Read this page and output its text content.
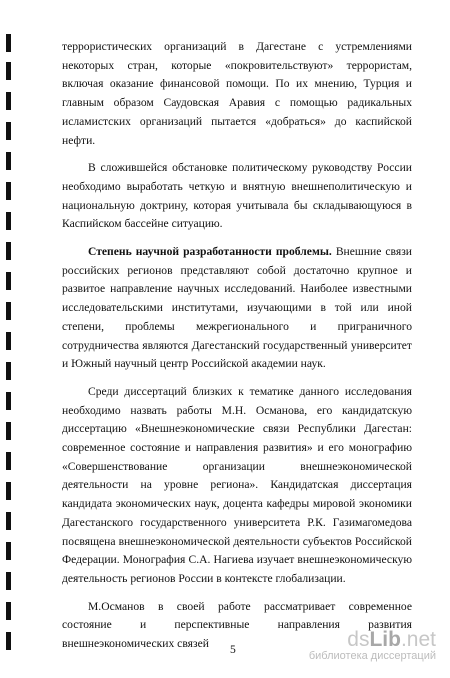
террористических организаций в Дагестане с устремлениями некоторых стран, которые «покровительствуют» террористам, включая оказание финансовой помощи. По их мнению, Турция и главным образом Саудовская Аравия с помощью радикальных исламистских организаций пытается «добраться» до каспийской нефти.

В сложившейся обстановке политическому руководству России необходимо выработать четкую и внятную внешнеполитическую и национальную доктрину, которая учитывала бы складывающуюся в Каспийском бассейне ситуацию.

Степень научной разработанности проблемы. Внешние связи российских регионов представляют собой достаточно крупное и развитое направление научных исследований. Наиболее известными исследовательскими институтами, изучающими в той или иной степени, проблемы межрегионального и приграничного сотрудничества являются Дагестанский государственный университет и Южный научный центр Российской академии наук.

Среди диссертаций близких к тематике данного исследования необходимо назвать работы М.Н. Османова, его кандидатскую диссертацию «Внешнеэкономические связи Республики Дагестан: современное состояние и направления развития» и его монографию «Совершенствование организации внешнеэкономической деятельности на уровне региона». Кандидатская диссертация кандидата экономических наук, доцента кафедры мировой экономики Дагестанского государственного университета Р.К. Газимагомедова посвящена внешнеэкономической деятельности субъектов Российской Федерации. Монография С.А. Нагиева изучает внешнеэкономическую деятельность регионов России в контексте глобализации.

М.Османов в своей работе рассматривает современное состояние и перспективные направления развития внешнеэкономических связей	5	dsLib.net
библиотека диссертаций
